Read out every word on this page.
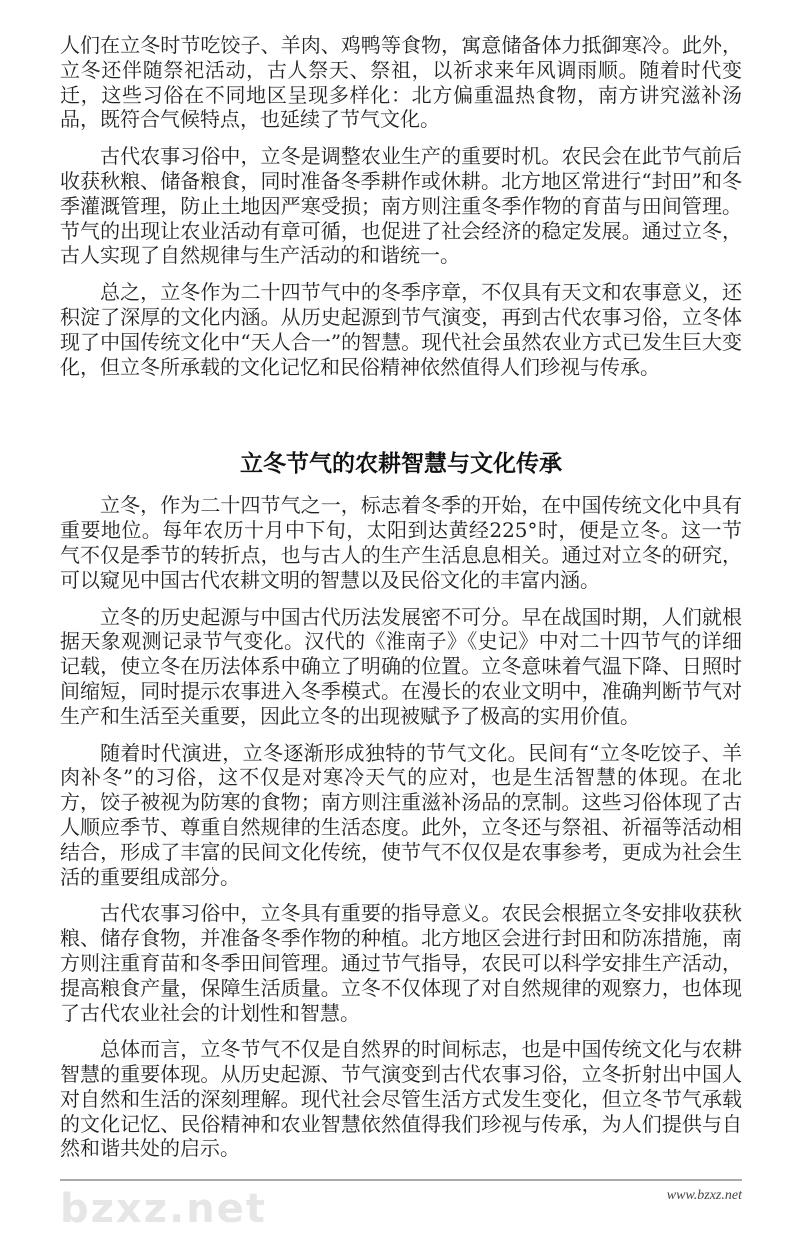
人们在立冬时节吃饺子、羊肉、鸡鸭等食物，寓意储备体力抵御寒冷。此外，立冬还伴随祭祀活动，古人祭天、祭祖，以祈求来年风调雨顺。随着时代变迁，这些习俗在不同地区呈现多样化：北方偏重温热食物，南方讲究滋补汤品，既符合气候特点，也延续了节气文化。

古代农事习俗中，立冬是调整农业生产的重要时机。农民会在此节气前后收获秋粮、储备粮食，同时准备冬季耕作或休耕。北方地区常进行“封田”和冬季灌溉管理，防止土地因严寒受损；南方则注重冬季作物的育苗与田间管理。节气的出现让农业活动有章可循，也促进了社会经济的稳定发展。通过立冬，古人实现了自然规律与生产活动的和谐统一。

总之，立冬作为二十四节气中的冬季序章，不仅具有天文和农事意义，还积淀了深厚的文化内涵。从历史起源到节气演变，再到古代农事习俗，立冬体现了中国传统文化中“天人合一”的智慧。现代社会虽然农业方式已发生巨大变化，但立冬所承载的文化记忆和民俗精神依然值得人们珍视与传承。

立冬节气的农耕智慧与文化传承

立冬，作为二十四节气之一，标志着冬季的开始，在中国传统文化中具有重要地位。每年农历十月中下旬，太阳到达黄经225°时，便是立冬。这一节气不仅是季节的转折点，也与古人的生产生活息息相关。通过对立冬的研究，可以窥见中国古代农耕文明的智慧以及民俗文化的丰富内涵。

立冬的历史起源与中国古代历法发展密不可分。早在战国时期，人们就根据天象观测记录节气变化。汉代的《淮南子》《史记》中对二十四节气的详细记载，使立冬在历法体系中确立了明确的位置。立冬意味着气温下降、日照时间缩短，同时提示农事进入冬季模式。在漫长的农业文明中，准确判断节气对生产和生活至关重要，因此立冬的出现被赋予了极高的实用价值。

随着时代演进，立冬逐渐形成独特的节气文化。民间有“立冬吃饺子、羊肉补冬”的习俗，这不仅是对寒冷天气的应对，也是生活智慧的体现。在北方，饺子被视为防寒的食物；南方则注重滋补汤品的烹制。这些习俗体现了古人顺应季节、尊重自然规律的生活态度。此外，立冬还与祭祖、祈福等活动相结合，形成了丰富的民间文化传统，使节气不仅仅是农事参考，更成为社会生活的重要组成部分。

古代农事习俗中，立冬具有重要的指导意义。农民会根据立冬安排收获秋粮、储存食物，并准备冬季作物的种植。北方地区会进行封田和防冻措施，南方则注重育苗和冬季田间管理。通过节气指导，农民可以科学安排生产活动，提高粮食产量，保障生活质量。立冬不仅体现了对自然规律的观察力，也体现了古代农业社会的计划性和智慧。

总体而言，立冬节气不仅是自然界的时间标志，也是中国传统文化与农耕智慧的重要体现。从历史起源、节气演变到古代农事习俗，立冬折射出中国人对自然和生活的深刻理解。现代社会尽管生活方式发生变化，但立冬节气承载的文化记忆、民俗精神和农业智慧依然值得我们珍视与传承，为人们提供与自然和谐共处的启示。

bzxz.net	www.bzxz.net
